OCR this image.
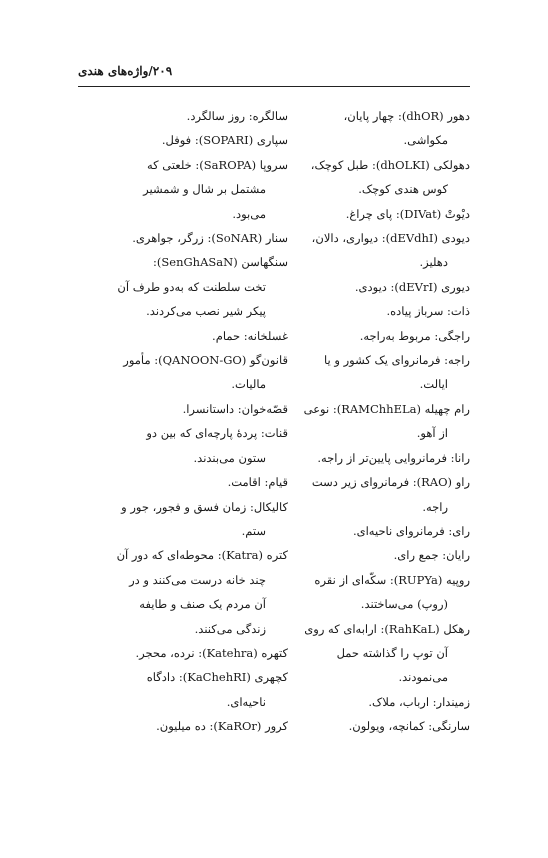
۲۰۹/واژه‌های هندی
دهور (dhOR): چهار پایان،
مکواشی.
دهولکی (dhOLKI): طبل کوچک،
کوس هندی کوچک.
دیْوتْ (DIVat): پای چراغ.
دیودی (dEVdhI): دیواری، دالان،
دهلیز.
دیوری (dEVrI): دیودی.
ذات: سرباز پیاده.
راجگی: مربوط به‌راجه.
راجه: فرمانروای یک کشور و یا
ایالت.
رام چهیله (RAMChhELa): نوعی
از آهو.
رانا: فرمانروایی پایین‌تر از راجه.
راو (RAO): فرمانروای زیر دست
راجه.
رای: فرمانروای ناحیه‌ای.
رایان: جمع رای.
روپیه (RUPYa): سکّه‌ای از نقره
(روپ) می‌ساختند.
رهکل (RahKaL): ارابه‌ای که روی
آن توپ را گذاشته حمل
می‌نمودند.
زمیندار: ارباب، ملاک.
سارنگی: کمانچه، ویولون.
سالگره: روز سالگرد.
سپاری (SOPARI): فوفل.
سروپا (SaROPA): خلعتی که
مشتمل بر شال و شمشیر
می‌بود.
سنار (SoNAR): زرگر، جواهری.
سنگهاسن (SenGhASaN):
تخت سلطنت که به‌دو طرف آن
پیکر شیر نصب می‌کردند.
غسلخانه: حمام.
قانون‌گو (QANOON-GO): مأمور
مالیات.
قصّه‌خوان: داستانسرا.
قنات: پردهٔ پارچه‌ای که بین دو
ستون می‌بندند.
قیام: اقامت.
کالیکال: زمان فسق و فجور، جور و
ستم.
کتره (Katra): محوطه‌ای که دور آن
چند خانه درست می‌کنند و در
آن مردم یک صنف و طایفه
زندگی می‌کنند.
کتهره (Katehra): نرده، محجر.
کچهری (KaChehRI): دادگاه
ناحیه‌ای.
کرور (KaROr): ده میلیون.
